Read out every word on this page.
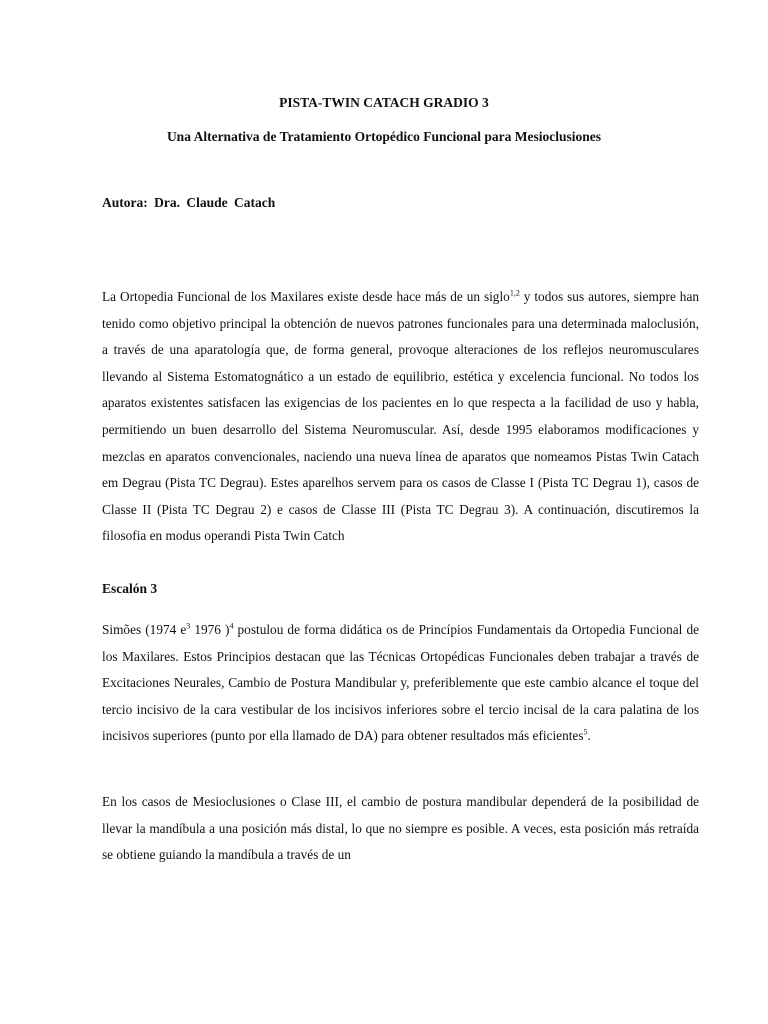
PISTA-TWIN CATACH GRADIO 3

Una Alternativa de Tratamiento Ortopédico Funcional para Mesioclusiones

Autora: Dra. Claude Catach

La Ortopedia Funcional de los Maxilares existe desde hace más de un siglo$^{1,2}$ y todos sus autores, siempre han tenido como objetivo principal la obtención de nuevos patrones funcionales para una determinada maloclusión, a través de una aparatología que, de forma general, provoque alteraciones de los reflejos neuromusculares llevando al Sistema Estomatognático a un estado de equilibrio, estética y excelencia funcional. No todos los aparatos existentes satisfacen las exigencias de los pacientes en lo que respecta a la facilidad de uso y habla, permitiendo un buen desarrollo del Sistema Neuromuscular. Así, desde 1995 elaboramos modificaciones y mezclas en aparatos convencionales, naciendo una nueva línea de aparatos que nomeamos Pistas Twin Catach em Degrau (Pista TC Degrau). Estes aparelhos servem para os casos de Classe I (Pista TC Degrau 1), casos de Classe II (Pista TC Degrau 2) e casos de Classe III (Pista TC Degrau 3). A continuación, discutiremos la filosofia en modus operandi Pista Twin Catch

Escalón 3

Simões (1974 $e^3$ 1976 )$^4$ postulou de forma didática os de Princípios Fundamentais da Ortopedia Funcional de los Maxilares. Estos Principios destacan que las Técnicas Ortopédicas Funcionales deben trabajar a través de Excitaciones Neurales, Cambio de Postura Mandibular y, preferiblemente que este cambio alcance el toque del tercio incisivo de la cara vestibular de los incisivos inferiores sobre el tercio incisal de la cara palatina de los incisivos superiores (punto por ella llamado de DA) para obtener resultados más eficientes$^5$.

En los casos de Mesioclusiones o Clase III, el cambio de postura mandibular dependerá de la posibilidad de llevar la mandíbula a una posición más distal, lo que no siempre es posible. A veces, esta posición más retraída se obtiene guiando la mandíbula a través de un
